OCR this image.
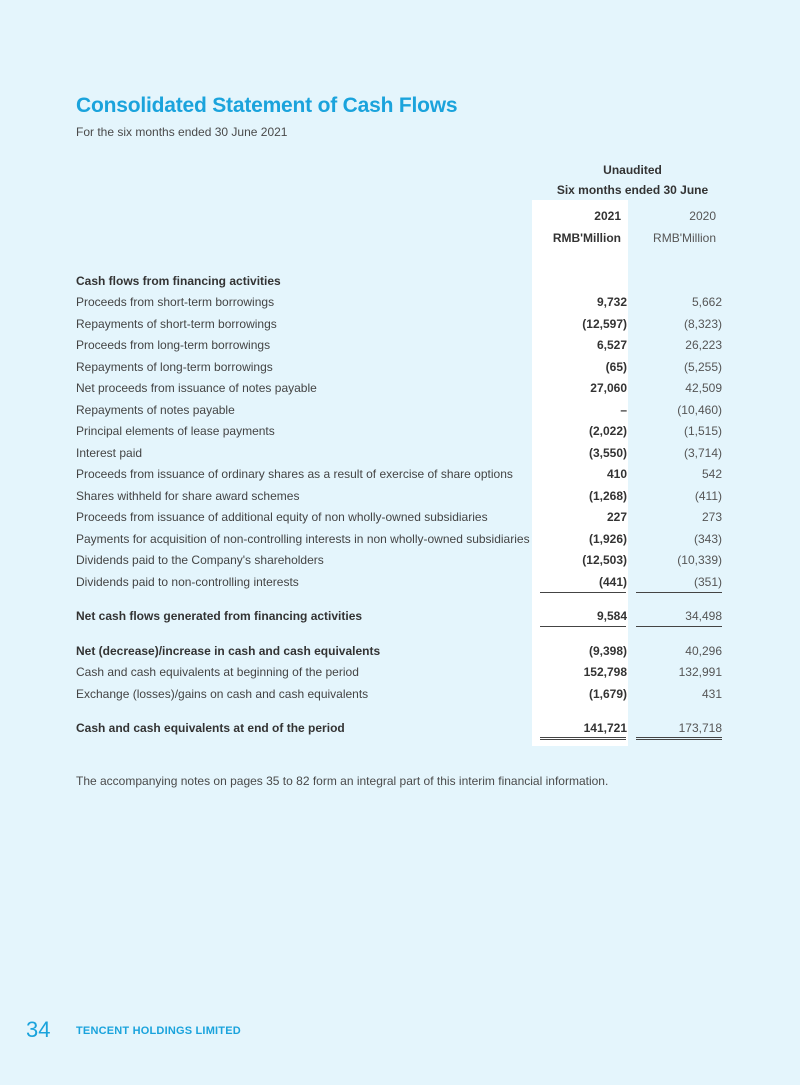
Consolidated Statement of Cash Flows
For the six months ended 30 June 2021
Unaudited
Six months ended 30 June
2021	2020
RMB'Million	RMB'Million
Cash flows from financing activities
Proceeds from short-term borrowings	9,732	5,662
Repayments of short-term borrowings	(12,597)	(8,323)
Proceeds from long-term borrowings	6,527	26,223
Repayments of long-term borrowings	(65)	(5,255)
Net proceeds from issuance of notes payable	27,060	42,509
Repayments of notes payable	–	(10,460)
Principal elements of lease payments	(2,022)	(1,515)
Interest paid	(3,550)	(3,714)
Proceeds from issuance of ordinary shares as a result of exercise of share options	410	542
Shares withheld for share award schemes	(1,268)	(411)
Proceeds from issuance of additional equity of non wholly-owned subsidiaries	227	273
Payments for acquisition of non-controlling interests in non wholly-owned subsidiaries	(1,926)	(343)
Dividends paid to the Company's shareholders	(12,503)	(10,339)
Dividends paid to non-controlling interests	(441)	(351)
Net cash flows generated from financing activities	9,584	34,498
Net (decrease)/increase in cash and cash equivalents	(9,398)	40,296
Cash and cash equivalents at beginning of the period	152,798	132,991
Exchange (losses)/gains on cash and cash equivalents	(1,679)	431
Cash and cash equivalents at end of the period	141,721	173,718
The accompanying notes on pages 35 to 82 form an integral part of this interim financial information.
34 TENCENT HOLDINGS LIMITED
